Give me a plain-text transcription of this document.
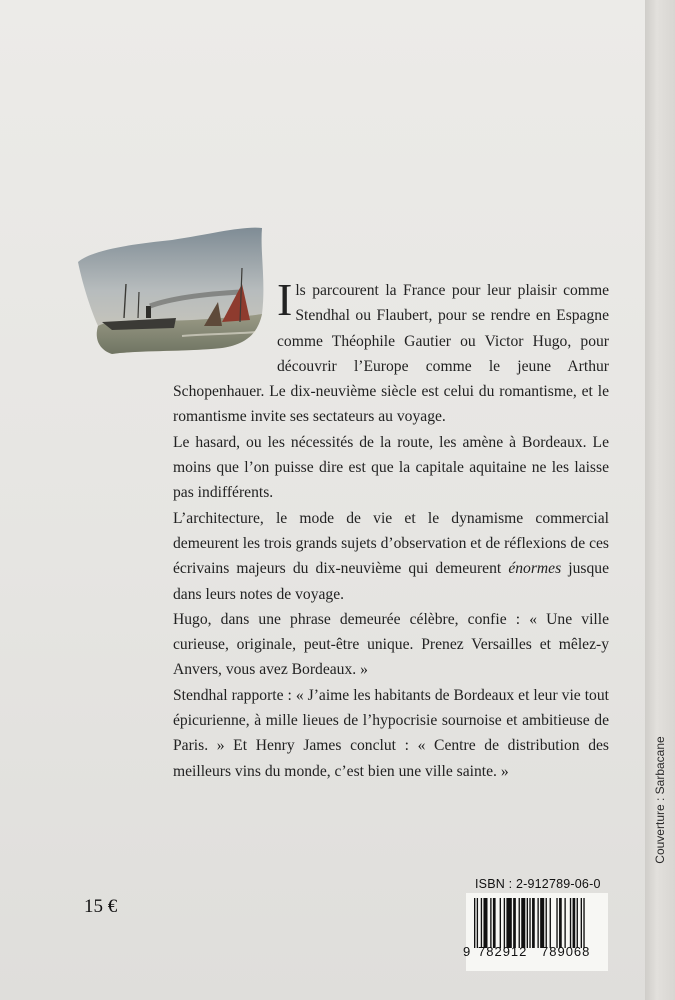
Ils parcourent la France pour leur plaisir comme Stendhal ou Flaubert, pour se rendre en Espagne comme Théophile Gautier ou Victor Hugo, pour découvrir l’Europe comme le jeune Arthur Schopenhauer. Le dix-neuvième siècle est celui du romantisme, et le romantisme invite ses sectateurs au voyage.

Le hasard, ou les nécessités de la route, les amène à Bordeaux. Le moins que l’on puisse dire est que la capitale aquitaine ne les laisse pas indifférents.

L’architecture, le mode de vie et le dynamisme commercial demeurent les trois grands sujets d’observation et de réflexions de ces écrivains majeurs du dix-neuvième qui demeurent énormes jusque dans leurs notes de voyage.

Hugo, dans une phrase demeurée célèbre, confie : « Une ville curieuse, originale, peut-être unique. Prenez Versailles et mêlez-y Anvers, vous avez Bordeaux. »

Stendhal rapporte : « J’aime les habitants de Bordeaux et leur vie tout épicurienne, à mille lieues de l’hypocrisie sournoise et ambitieuse de Paris. » Et Henry James conclut : « Centre de distribution des meilleurs vins du monde, c’est bien une ville sainte. »

15 €
ISBN : 2-912789-06-0
9 782912	789068
Couverture : Sarbacane
